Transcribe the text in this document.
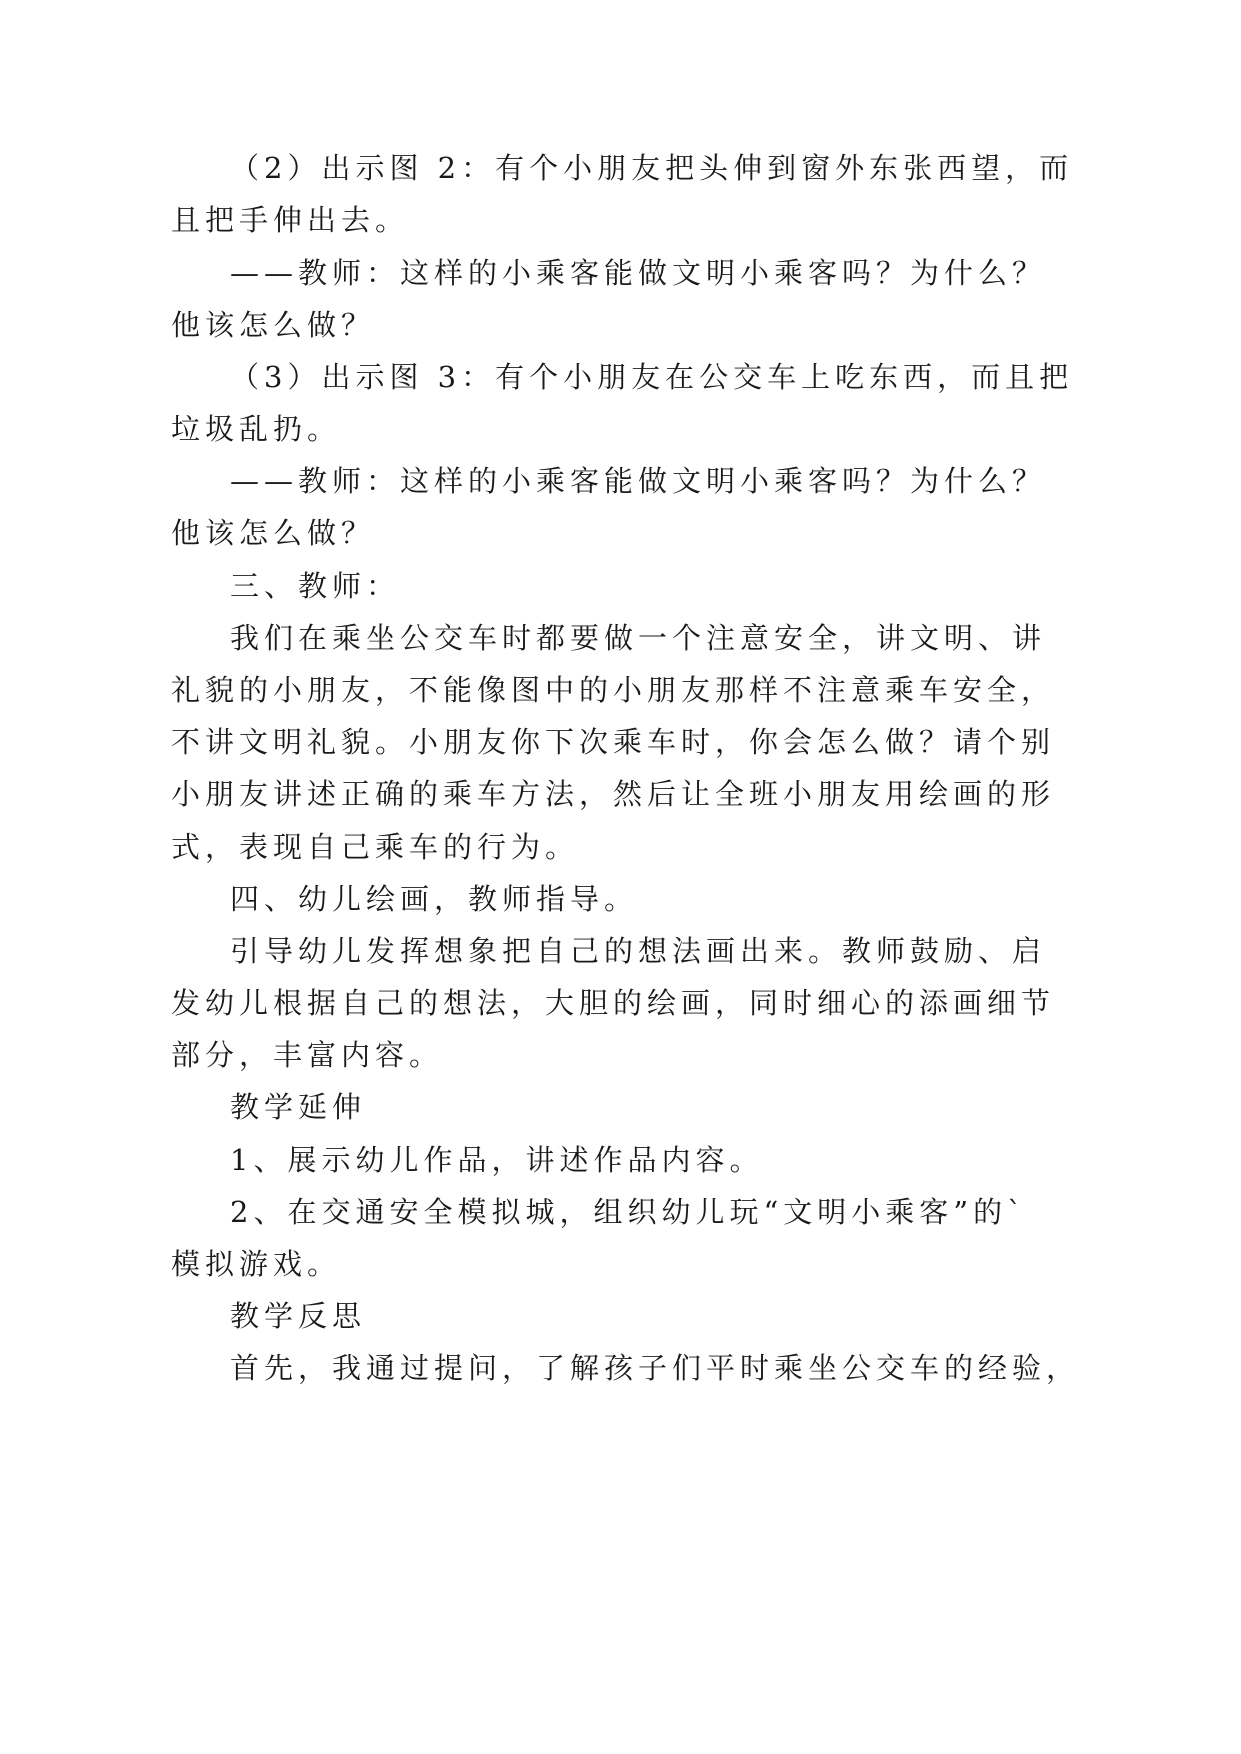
（2）出示图 2：有个小朋友把头伸到窗外东张西望，而
且把手伸出去。
——教师：这样的小乘客能做文明小乘客吗？为什么？
他该怎么做？
（3）出示图 3：有个小朋友在公交车上吃东西，而且把
垃圾乱扔。
——教师：这样的小乘客能做文明小乘客吗？为什么？
他该怎么做？
三、教师：
我们在乘坐公交车时都要做一个注意安全，讲文明、讲
礼貌的小朋友，不能像图中的小朋友那样不注意乘车安全，
不讲文明礼貌。小朋友你下次乘车时，你会怎么做？请个别
小朋友讲述正确的乘车方法，然后让全班小朋友用绘画的形
式，表现自己乘车的行为。
四、幼儿绘画，教师指导。
引导幼儿发挥想象把自己的想法画出来。教师鼓励、启
发幼儿根据自己的想法，大胆的绘画，同时细心的添画细节
部分，丰富内容。
教学延伸
1、展示幼儿作品，讲述作品内容。
2、在交通安全模拟城，组织幼儿玩“文明小乘客”的`
模拟游戏。
教学反思
首先，我通过提问，了解孩子们平时乘坐公交车的经验，
